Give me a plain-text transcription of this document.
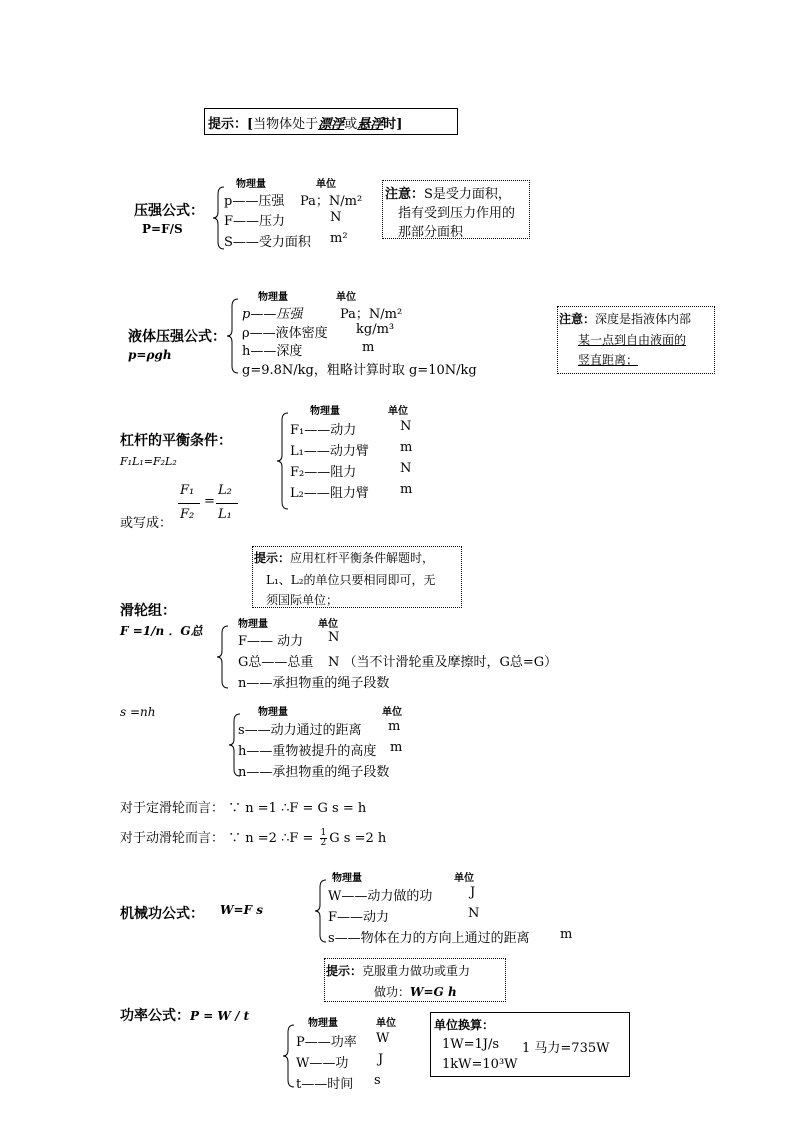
提示：[当物体处于漂浮或悬浮时]
压强公式：
P=F/S
物理量	单位
p——压强 Pa；N/m²
F——压力	N
S——受力面积 m²
注意：S是受力面积，
指有受到压力作用的
那部分面积
液体压强公式：
p=ρgh
物理量	单位
p——压强	Pa；N/m²
ρ——液体密度 kg/m³
h——深度	m
g=9.8N/kg，粗略计算时取 g=10N/kg
注意：深度是指液体内部
某一点到自由液面的
竖直距离；
杠杆的平衡条件：
F₁L₁=F₂L₂
或写成：
F₁
F₂
=
L₂
L₁
物理量	单位
F₁——动力	N
L₁——动力臂 m
F₂——阻力	N
L₂——阻力臂 m
提示：应用杠杆平衡条件解题时，
L₁、L₂的单位只要相同即可，无
须国际单位；
滑轮组：
F =1/n ．G总	物理量	单位
F—— 动力 N
G总——总重 N （当不计滑轮重及摩擦时，G总=G）
n——承担物重的绳子段数
s =nh	物理量	单位
s——动力通过的距离 m
h——重物被提升的高度 m
n——承担物重的绳子段数
对于定滑轮而言： ∵ n =1 ∴F = G s = h
对于动滑轮而言： ∵ n =2 ∴F = $\frac{1}{2}$ G s =2 h
机械功公式： W=F s
物理量	单位
W——动力做的功	J
F——动力	N
s——物体在力的方向上通过的距离 m
提示：克服重力做功或重力
做功：W=G h
功率公式：P = W / t
物理量	单位
P——功率 W
W——功 J
t——时间 s
单位换算：
1W=1J/s 1 马力=735W
1kW=10³W
